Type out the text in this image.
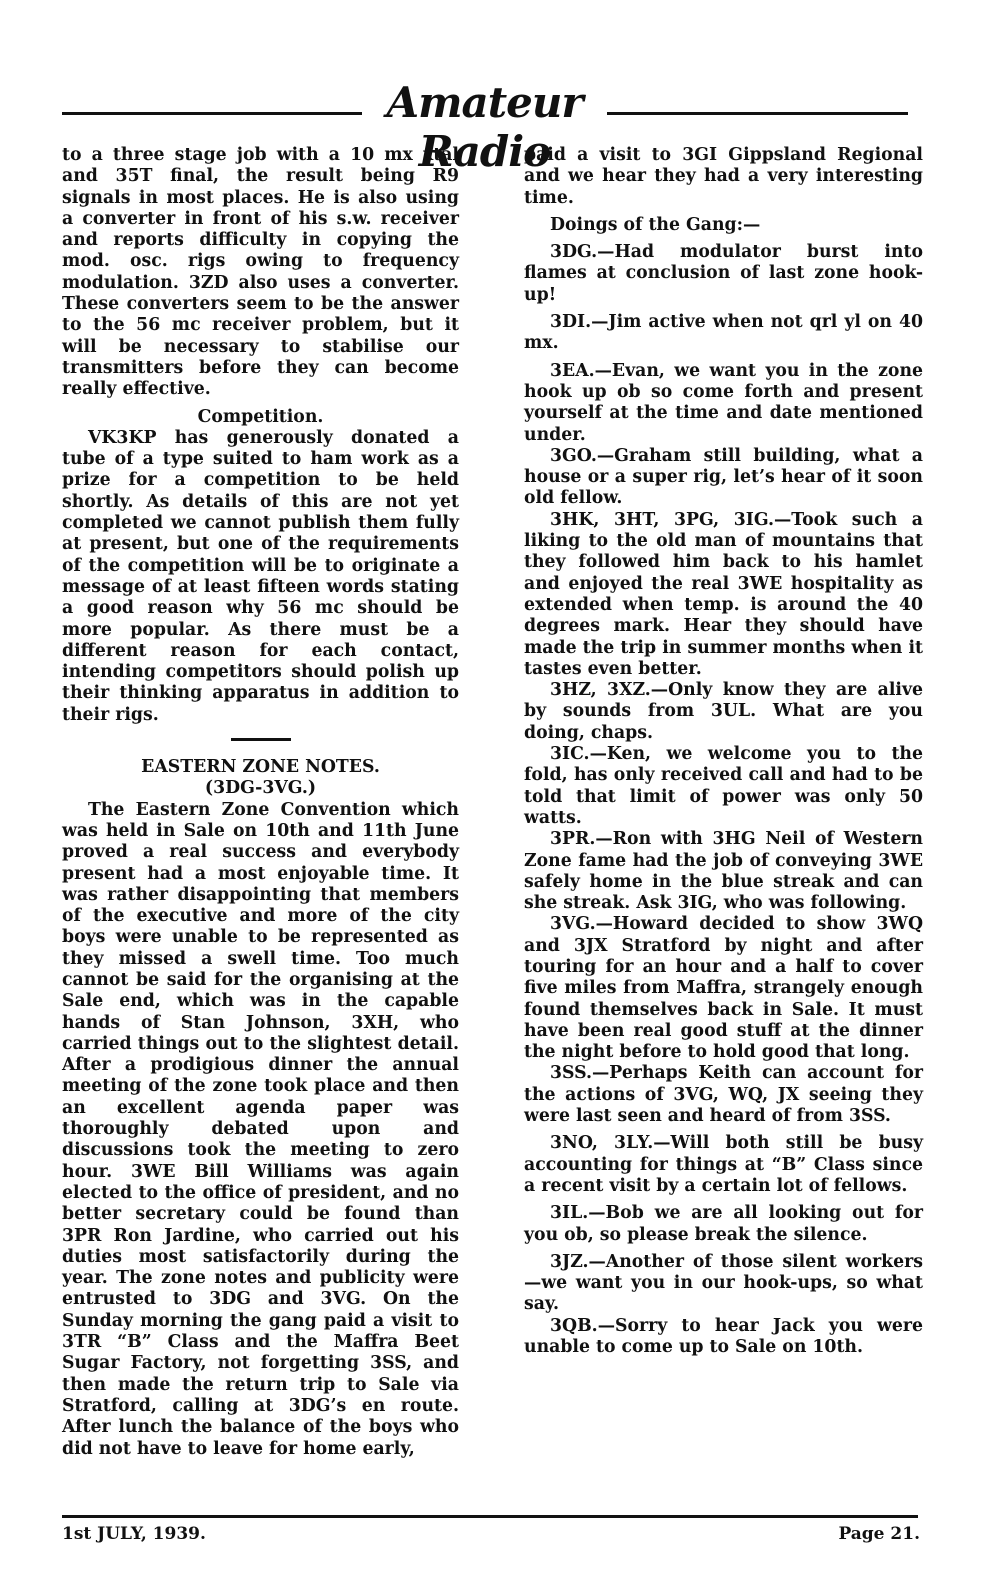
Amateur Radio

to a three stage job with a 10 mx xtal and 35T final, the result being R9 signals in most places. He is also using a converter in front of his s.w. receiver and reports difficulty in copying the mod. osc. rigs owing to frequency modulation. 3ZD also uses a converter. These converters seem to be the answer to the 56 mc receiver problem, but it will be necessary to stabilise our transmitters before they can become really effective.

Competition.

VK3KP has generously donated a tube of a type suited to ham work as a prize for a competition to be held shortly. As details of this are not yet completed we cannot publish them fully at present, but one of the requirements of the competition will be to originate a message of at least fifteen words stating a good reason why 56 mc should be more popular. As there must be a different reason for each contact, intending competitors should polish up their thinking apparatus in addition to their rigs.

EASTERN ZONE NOTES.

(3DG-3VG.)

The Eastern Zone Convention which was held in Sale on 10th and 11th June proved a real success and everybody present had a most enjoyable time. It was rather disappointing that members of the executive and more of the city boys were unable to be represented as they missed a swell time. Too much cannot be said for the organising at the Sale end, which was in the capable hands of Stan Johnson, 3XH, who carried things out to the slightest detail. After a prodigious dinner the annual meeting of the zone took place and then an excellent agenda paper was thoroughly debated upon and discussions took the meeting to zero hour. 3WE Bill Williams was again elected to the office of president, and no better secretary could be found than 3PR Ron Jardine, who carried out his duties most satisfactorily during the year. The zone notes and publicity were entrusted to 3DG and 3VG. On the Sunday morning the gang paid a visit to 3TR “B” Class and the Maffra Beet Sugar Factory, not forgetting 3SS, and then made the return trip to Sale via Stratford, calling at 3DG’s en route. After lunch the balance of the boys who did not have to leave for home early,

paid a visit to 3GI Gippsland Regional and we hear they had a very interesting time.

Doings of the Gang:—

3DG.—Had modulator burst into flames at conclusion of last zone hook-up!

3DI.—Jim active when not qrl yl on 40 mx.

3EA.—Evan, we want you in the zone hook up ob so come forth and present yourself at the time and date mentioned under.

3GO.—Graham still building, what a house or a super rig, let’s hear of it soon old fellow.

3HK, 3HT, 3PG, 3IG.—Took such a liking to the old man of mountains that they followed him back to his hamlet and enjoyed the real 3WE hospitality as extended when temp. is around the 40 degrees mark. Hear they should have made the trip in summer months when it tastes even better.

3HZ, 3XZ.—Only know they are alive by sounds from 3UL. What are you doing, chaps.

3IC.—Ken, we welcome you to the fold, has only received call and had to be told that limit of power was only 50 watts.

3PR.—Ron with 3HG Neil of Western Zone fame had the job of conveying 3WE safely home in the blue streak and can she streak. Ask 3IG, who was following.

3VG.—Howard decided to show 3WQ and 3JX Stratford by night and after touring for an hour and a half to cover five miles from Maffra, strangely enough found themselves back in Sale. It must have been real good stuff at the dinner the night before to hold good that long.

3SS.—Perhaps Keith can account for the actions of 3VG, WQ, JX seeing they were last seen and heard of from 3SS.

3NO, 3LY.—Will both still be busy accounting for things at “B” Class since a recent visit by a certain lot of fellows.

3IL.—Bob we are all looking out for you ob, so please break the silence.

3JZ.—Another of those silent workers—we want you in our hook-ups, so what say.

3QB.—Sorry to hear Jack you were unable to come up to Sale on 10th.

1st JULY, 1939.	Page 21.
